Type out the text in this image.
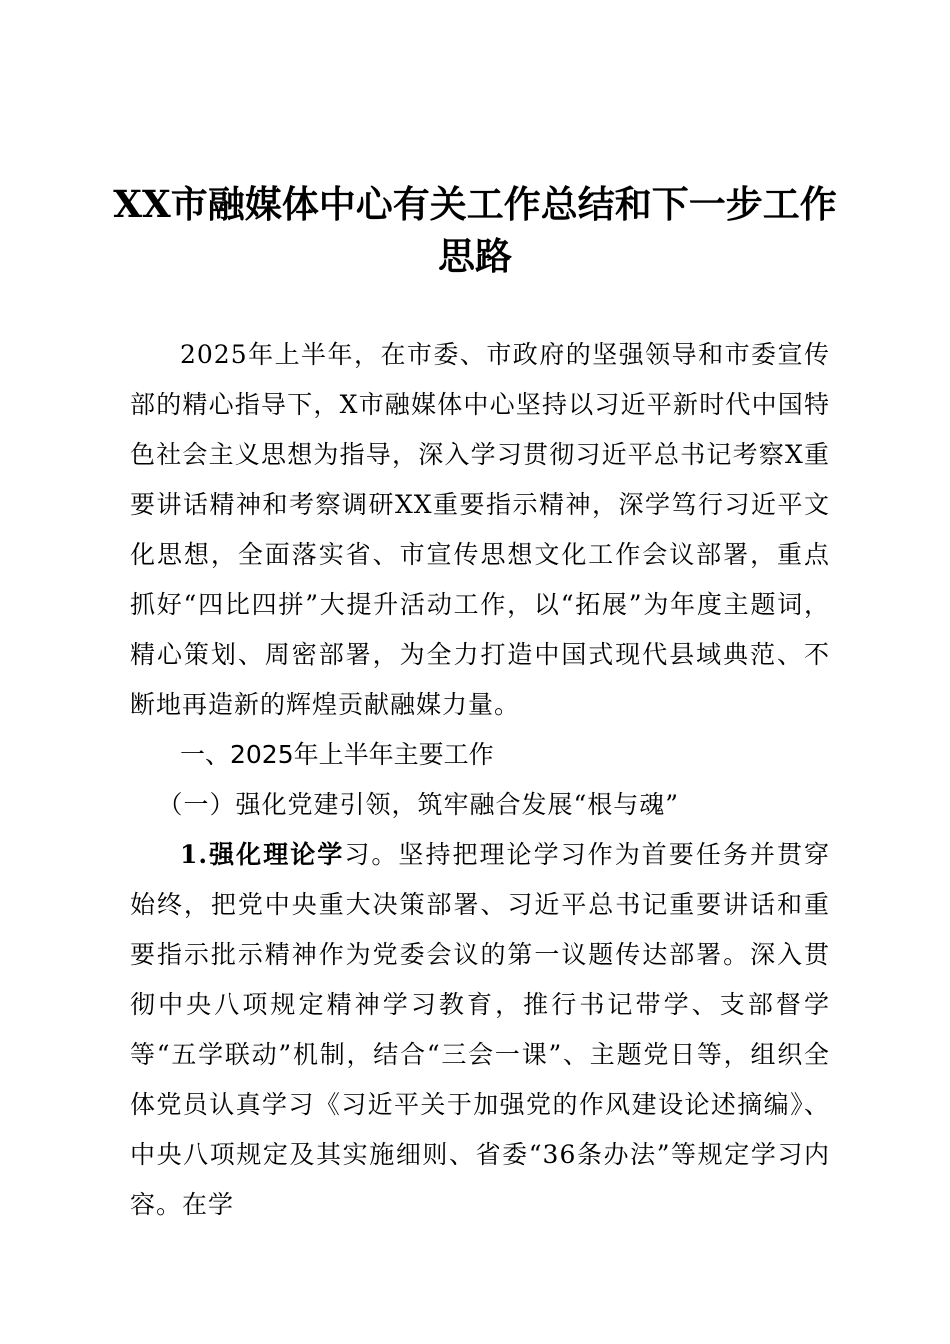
XX市融媒体中心有关工作总结和下一步工作思路

2025年上半年，在市委、市政府的坚强领导和市委宣传部的精心指导下，X市融媒体中心坚持以习近平新时代中国特色社会主义思想为指导，深入学习贯彻习近平总书记考察X重要讲话精神和考察调研XX重要指示精神，深学笃行习近平文化思想，全面落实省、市宣传思想文化工作会议部署，重点抓好“四比四拼”大提升活动工作，以“拓展”为年度主题词，精心策划、周密部署，为全力打造中国式现代县域典范、不断地再造新的辉煌贡献融媒力量。

一、2025年上半年主要工作

（一）强化党建引领，筑牢融合发展“根与魂”

1.强化理论学习。坚持把理论学习作为首要任务并贯穿始终，把党中央重大决策部署、习近平总书记重要讲话和重要指示批示精神作为党委会议的第一议题传达部署。深入贯彻中央八项规定精神学习教育，推行书记带学、支部督学等“五学联动”机制，结合“三会一课”、主题党日等，组织全体党员认真学习《习近平关于加强党的作风建设论述摘编》、中央八项规定及其实施细则、省委“36条办法”等规定学习内容。在学
